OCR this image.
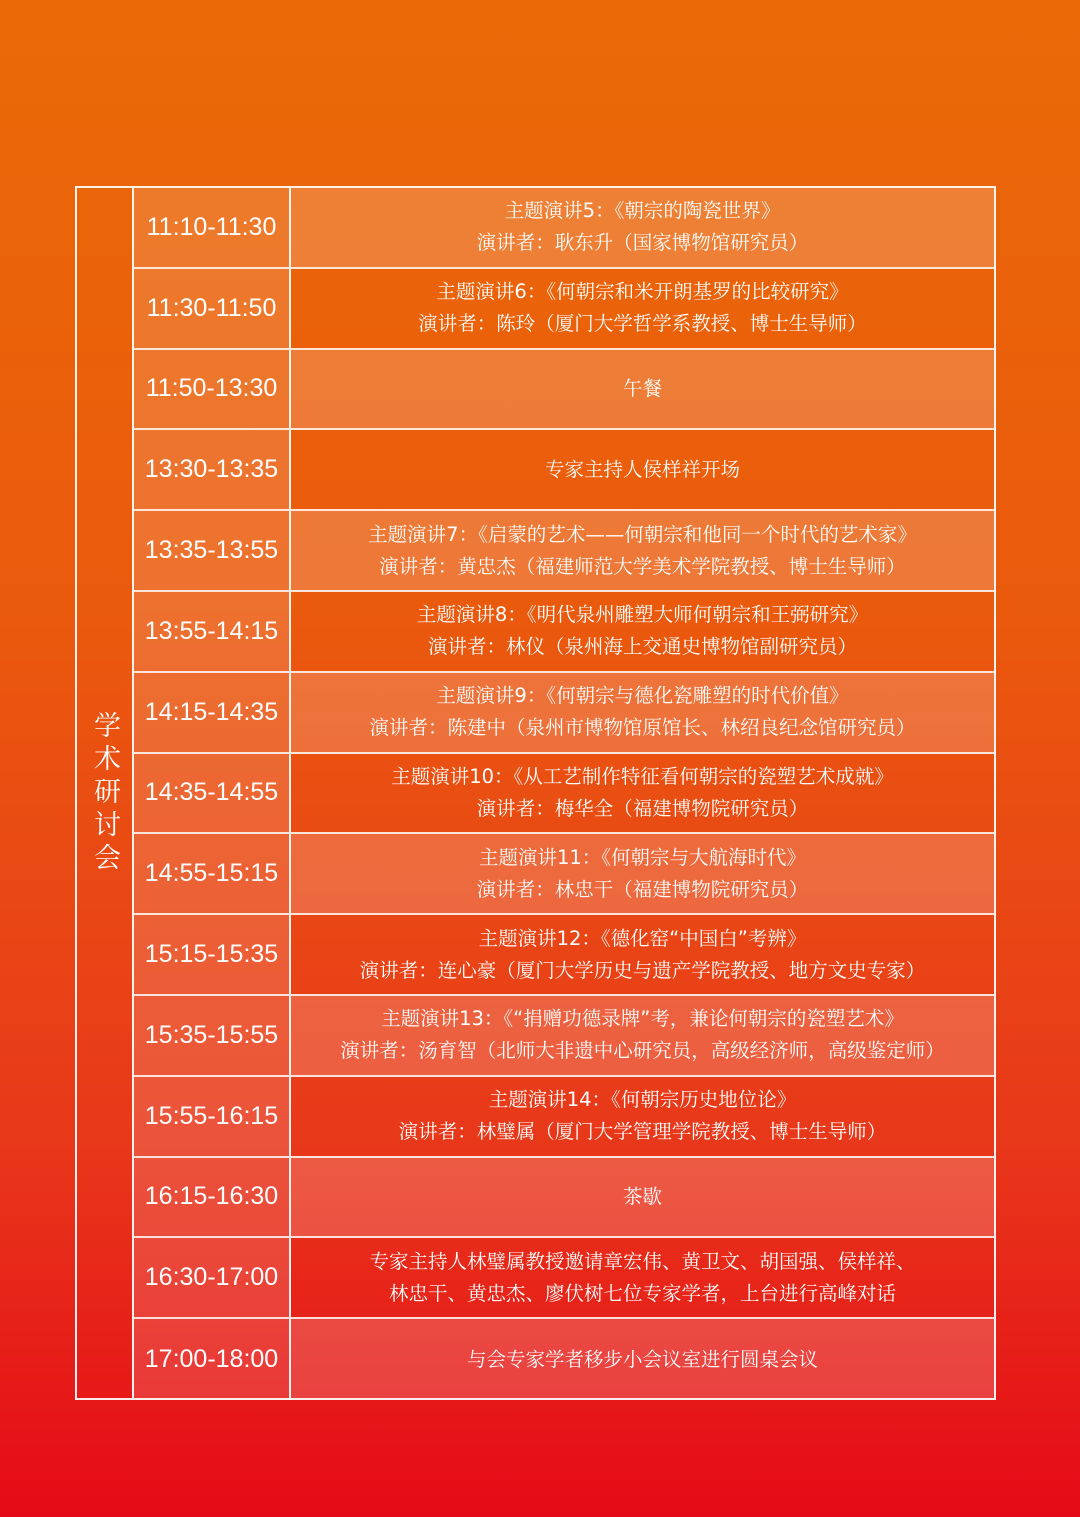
学术研讨会
11:10-11:30
主题演讲5：《朝宗的陶瓷世界》
演讲者：耿东升（国家博物馆研究员）
11:30-11:50
主题演讲6：《何朝宗和米开朗基罗的比较研究》
演讲者：陈玲（厦门大学哲学系教授、博士生导师）
11:50-13:30	午餐
13:30-13:35	专家主持人侯样祥开场
13:35-13:55
主题演讲7：《启蒙的艺术——何朝宗和他同一个时代的艺术家》
演讲者：黄忠杰（福建师范大学美术学院教授、博士生导师）
13:55-14:15
主题演讲8：《明代泉州雕塑大师何朝宗和王弼研究》
演讲者：林仪（泉州海上交通史博物馆副研究员）
14:15-14:35
主题演讲9：《何朝宗与德化瓷雕塑的时代价值》
演讲者：陈建中（泉州市博物馆原馆长、林绍良纪念馆研究员）
14:35-14:55
主题演讲10：《从工艺制作特征看何朝宗的瓷塑艺术成就》
演讲者：梅华全（福建博物院研究员）
14:55-15:15
主题演讲11：《何朝宗与大航海时代》
演讲者：林忠干（福建博物院研究员）
15:15-15:35
主题演讲12：《德化窑“中国白”考辨》
演讲者：连心豪（厦门大学历史与遗产学院教授、地方文史专家）
15:35-15:55
主题演讲13：《“捐赠功德录牌”考，兼论何朝宗的瓷塑艺术》
演讲者：汤育智（北师大非遗中心研究员，高级经济师，高级鉴定师）
15:55-16:15
主题演讲14：《何朝宗历史地位论》
演讲者：林璧属（厦门大学管理学院教授、博士生导师）
16:15-16:30	茶歇
16:30-17:00
专家主持人林璧属教授邀请章宏伟、黄卫文、胡国强、侯样祥、
林忠干、黄忠杰、廖伏树七位专家学者，上台进行高峰对话
17:00-18:00	与会专家学者移步小会议室进行圆桌会议
